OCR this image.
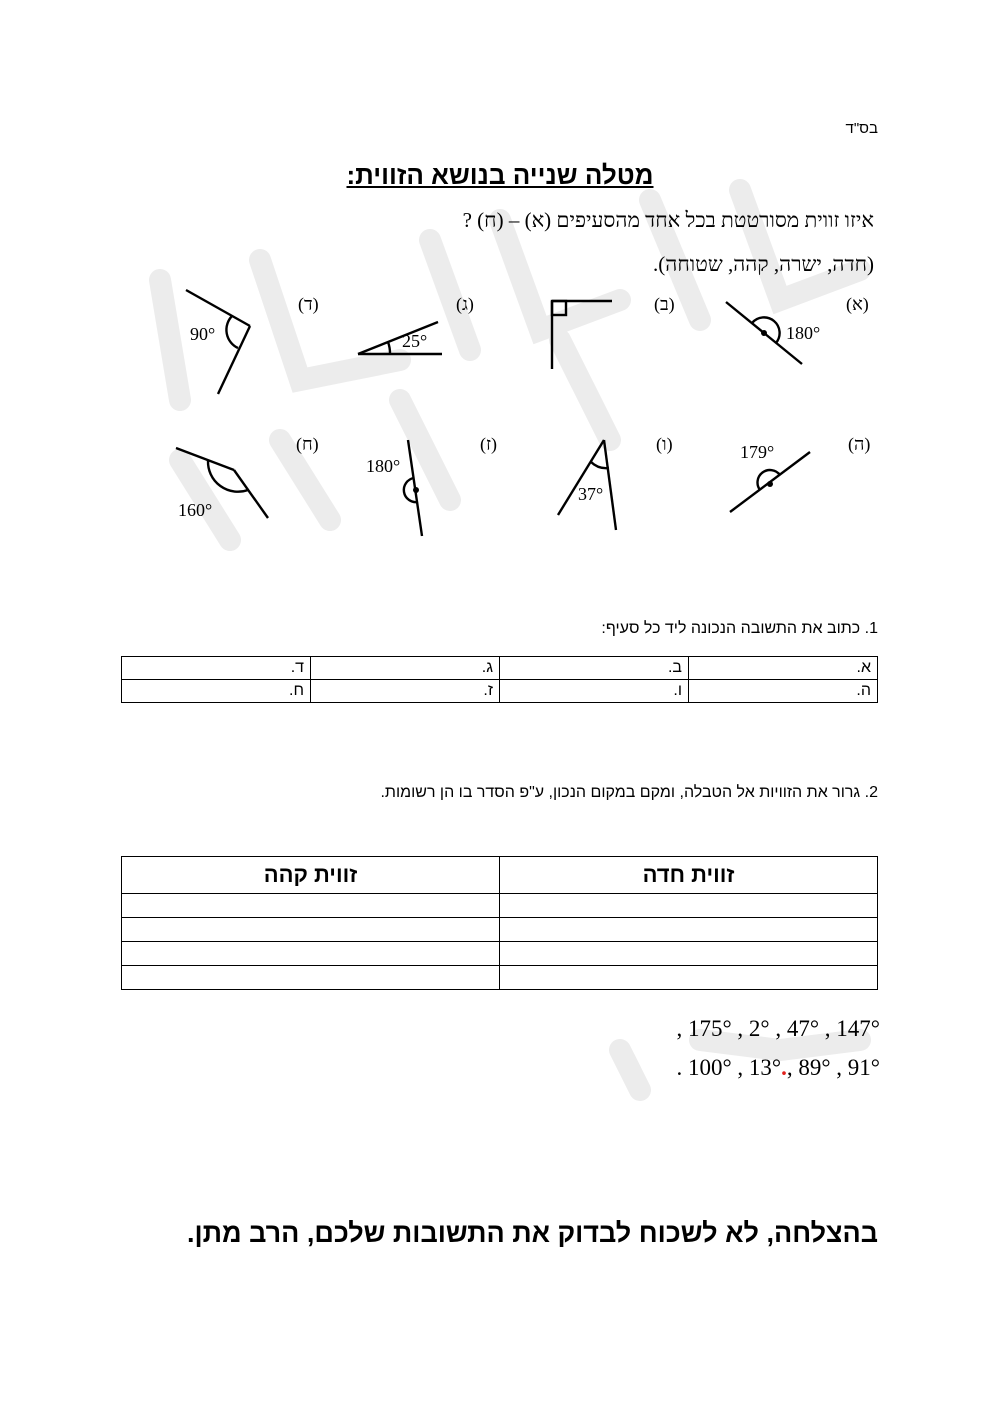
בס"ד
מטלה שנייה בנושא הזווית:
איזו זווית מסורטטת בכל אחד מהסעיפים (א) – (ח) ?
(חדה, ישרה, קהה, שטוחה).
(א)
(ב)
(ג)
(ד)
(ה)
(ו)
(ז)
(ח)
180°
25°
90°
179°
37°
180°
160°
1. כתוב את התשובה הנכונה ליד כל סעיף:
א.	ב.	ג.	ד.
ה.	ו.	ז.	ח.
2. גרור את הזוויות אל הטבלה, ומקם במקום הנכון, ע"פ הסדר בו הן רשומות.
זווית חדה	זווית קהה

, 175° , 2° , 47° , 147°
. 100° , 13°., 89° , 91°
בהצלחה, לא לשכוח לבדוק את התשובות שלכם, הרב מתן.
